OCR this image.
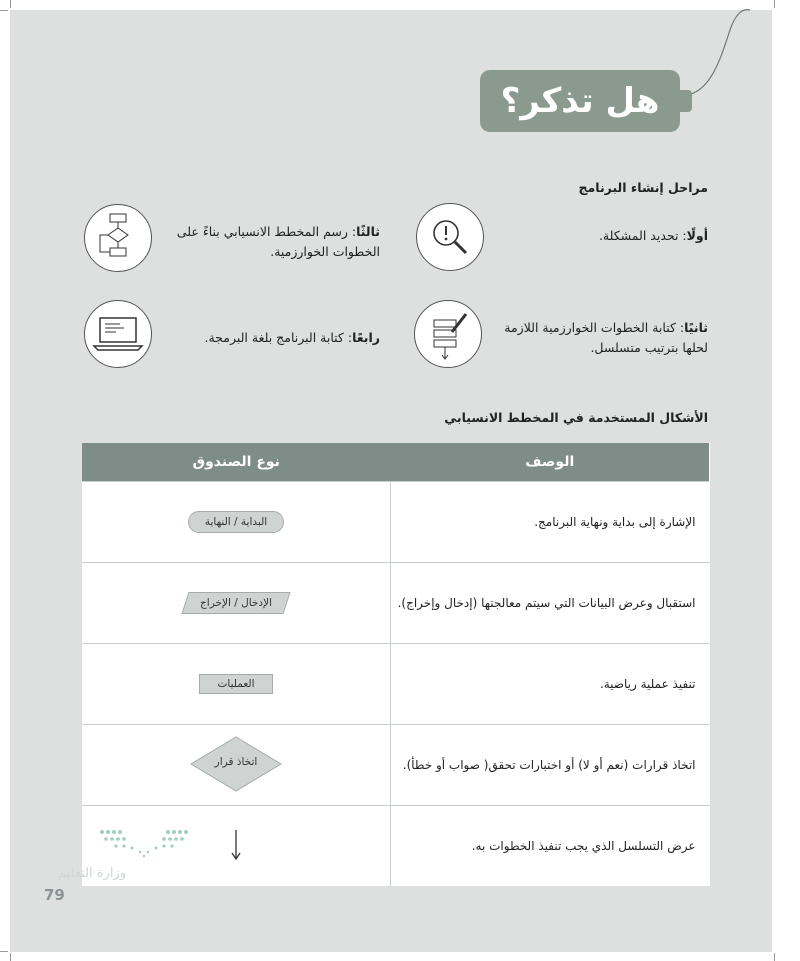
هل تذكر؟
مراحل إنشاء البرنامج
أولًا: تحديد المشكلة.
ثالثًا: رسم المخطط الانسيابي بناءً على
الخطوات الخوارزمية.
ثانيًا: كتابة الخطوات الخوارزمية اللازمة
لحلها بترتيب متسلسل.
رابعًا: كتابة البرنامج بلغة البرمجة.
الأشكال المستخدمة في المخطط الانسيابي
نوع الصندوق	الوصف
البداية / النهاية	الإشارة إلى بداية ونهاية البرنامج.

الإدخال / الإخراج	استقبال وعرض البيانات التي سيتم معالجتها (إدخال وإخراج).
العمليات	تنفيذ عملية رياضية.

اتخاذ قرار	اتخاذ قرارات (نعم أو لا) أو اختبارات تحقق( صواب أو خطأ).
	عرض التسلسل الذي يجب تنفيذ الخطوات به.
وزارة التعليم
79
